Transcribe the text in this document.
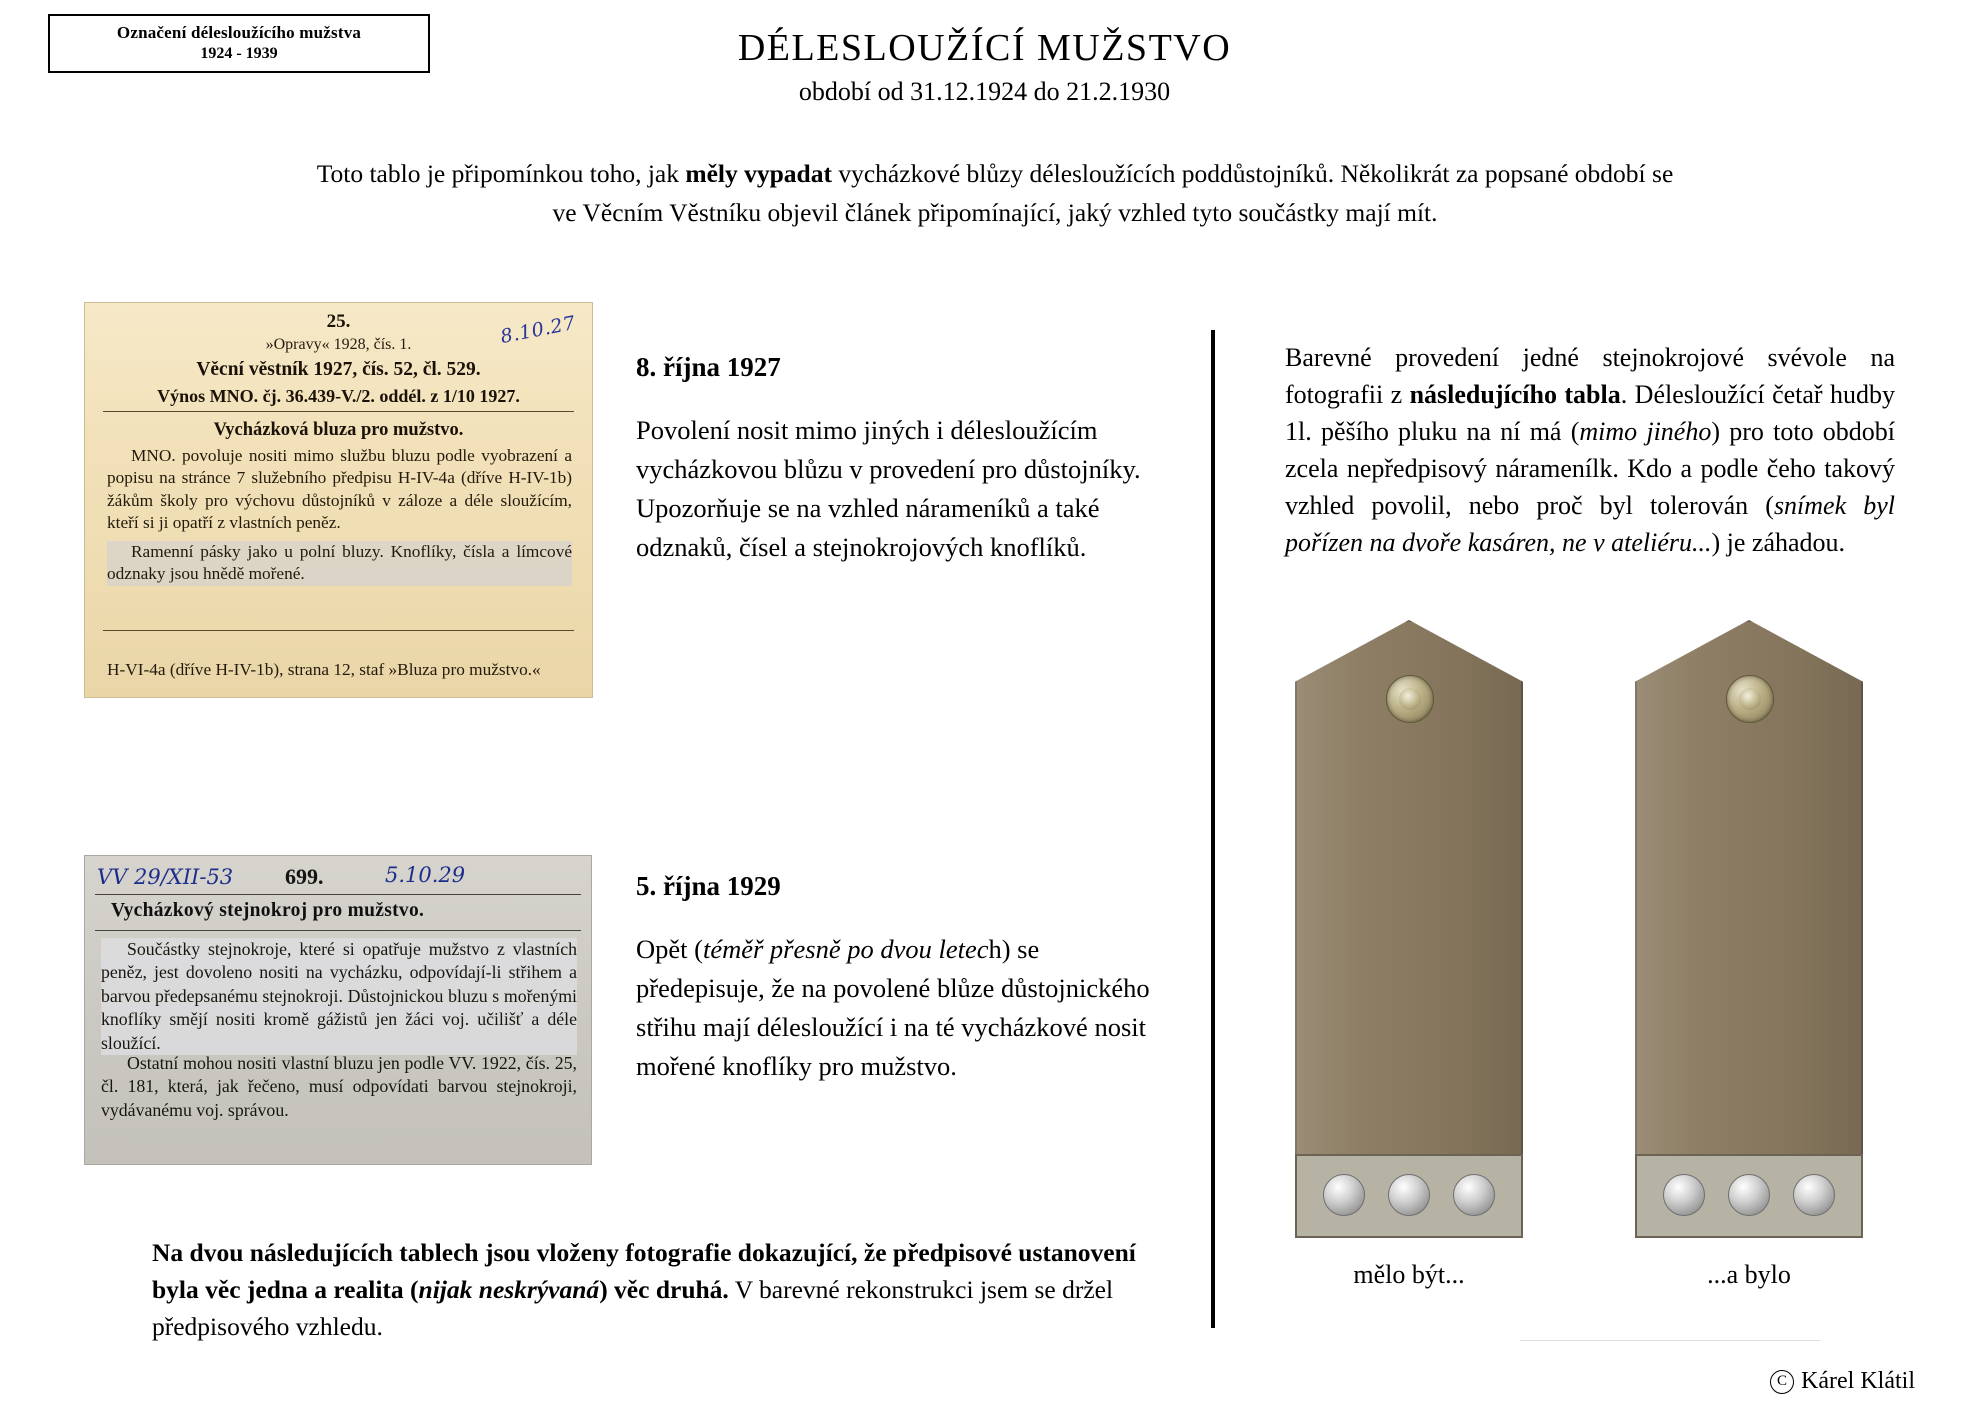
Označení délesloužícího mužstva
1924 - 1939	DÉLESLOUŽÍCÍ MUŽSTVO
období od 31.12.1924 do 21.2.1930
Toto tablo je připomínkou toho, jak měly vypadat vycházkové blůzy délesloužících poddůstojníků. Několikrát za popsané období se ve Věcním Věstníku objevil článek připomínající, jaký vzhled tyto součástky mají mít.
25.
»Opravy« 1928, čís. 1.
Věcní věstník 1927, čís. 52, čl. 529.
Výnos MNO. čj. 36.439-V./2. oddél. z 1/10 1927.
Vycházková bluza pro mužstvo.
MNO. povoluje nositi mimo službu bluzu podle vyobrazení a popisu na stránce 7 služebního předpisu H-IV-4a (dříve H-IV-1b) žákům školy pro výchovu důstojníků v záloze a déle sloužícím, kteří si ji opatří z vlastních peněz.
Ramenní pásky jako u polní bluzy. Knoflíky, čísla a límcové odznaky jsou hnědě mořené.
H-VI-4a (dříve H-IV-1b), strana 12, staf »Bluza pro mužstvo.«
8.10.27
VV 29/XII-53 699.	5.10.29
Vycházkový stejnokroj pro mužstvo.
Součástky stejnokroje, které si opatřuje mužstvo z vlastních peněz, jest dovoleno nositi na vycházku, odpovídají-li střihem a barvou předepsanému stejnokroji. Důstojnickou bluzu s mořenými knoflíky smějí nositi kromě gážistů jen žáci voj. učilišť a déle sloužící.
Ostatní mohou nositi vlastní bluzu jen podle VV. 1922, čís. 25, čl. 181, která, jak řečeno, musí odpovídati barvou stejnokroji, vydávanému voj. správou.
8. října 1927
Povolení nosit mimo jiných i délesloužícím vycházkovou blůzu v provedení pro důstojníky. Upozorňuje se na vzhled nárameníků a také odznaků, čísel a stejnokrojových knoflíků.
5. října 1929
Opět (téměř přesně po dvou letech) se předepisuje, že na povolené blůze důstojnického střihu mají délesloužící i na té vycházkové nosit mořené knoflíky pro mužstvo.
Na dvou následujících tablech jsou vloženy fotografie dokazující, že předpisové ustanovení byla věc jedna a realita (nijak neskrývaná) věc druhá. V barevné rekonstrukci jsem se držel předpisového vzhledu.
Barevné provedení jedné stejnokrojové svévole na fotografii z následujícího tabla. Délesloužící četař hudby 1l. pěšího pluku na ní má (mimo jiného) pro toto období zcela nepředpisový náramenílk. Kdo a podle čeho takový vzhled povolil, nebo proč byl tolerován (snímek byl pořízen na dvoře kasáren, ne v ateliéru...) je záhadou.
mělo být...	...a bylo
C Kárel Klátil
